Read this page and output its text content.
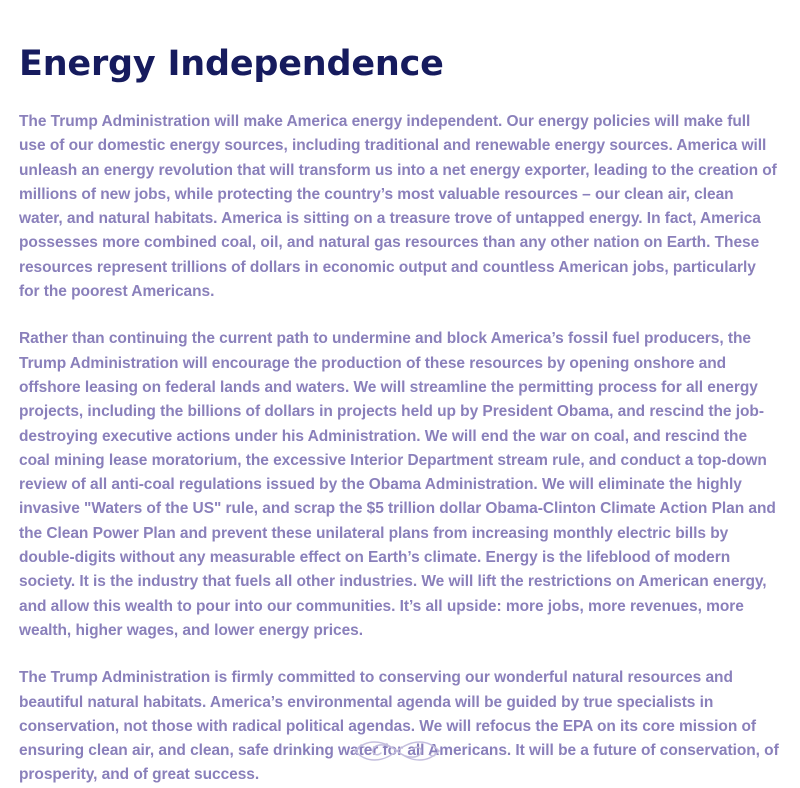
Energy Independence

The Trump Administration will make America energy independent. Our energy policies will make full use of our domestic energy sources, including traditional and renewable energy sources. America will unleash an energy revolution that will transform us into a net energy exporter, leading to the creation of millions of new jobs, while protecting the country’s most valuable resources – our clean air, clean water, and natural habitats. America is sitting on a treasure trove of untapped energy. In fact, America possesses more combined coal, oil, and natural gas resources than any other nation on Earth. These resources represent trillions of dollars in economic output and countless American jobs, particularly for the poorest Americans.

Rather than continuing the current path to undermine and block America’s fossil fuel producers, the Trump Administration will encourage the production of these resources by opening onshore and offshore leasing on federal lands and waters. We will streamline the permitting process for all energy projects, including the billions of dollars in projects held up by President Obama, and rescind the job-destroying executive actions under his Administration. We will end the war on coal, and rescind the coal mining lease moratorium, the excessive Interior Department stream rule, and conduct a top-down review of all anti-coal regulations issued by the Obama Administration. We will eliminate the highly invasive "Waters of the US" rule, and scrap the $5 trillion dollar Obama-Clinton Climate Action Plan and the Clean Power Plan and prevent these unilateral plans from increasing monthly electric bills by double-digits without any measurable effect on Earth’s climate. Energy is the lifeblood of modern society. It is the industry that fuels all other industries. We will lift the restrictions on American energy, and allow this wealth to pour into our communities. It’s all upside: more jobs, more revenues, more wealth, higher wages, and lower energy prices.

The Trump Administration is firmly committed to conserving our wonderful natural resources and beautiful natural habitats. America’s environmental agenda will be guided by true specialists in conservation, not those with radical political agendas. We will refocus the EPA on its core mission of ensuring clean air, and clean, safe drinking water for all Americans. It will be a future of conservation, of prosperity, and of great success.
